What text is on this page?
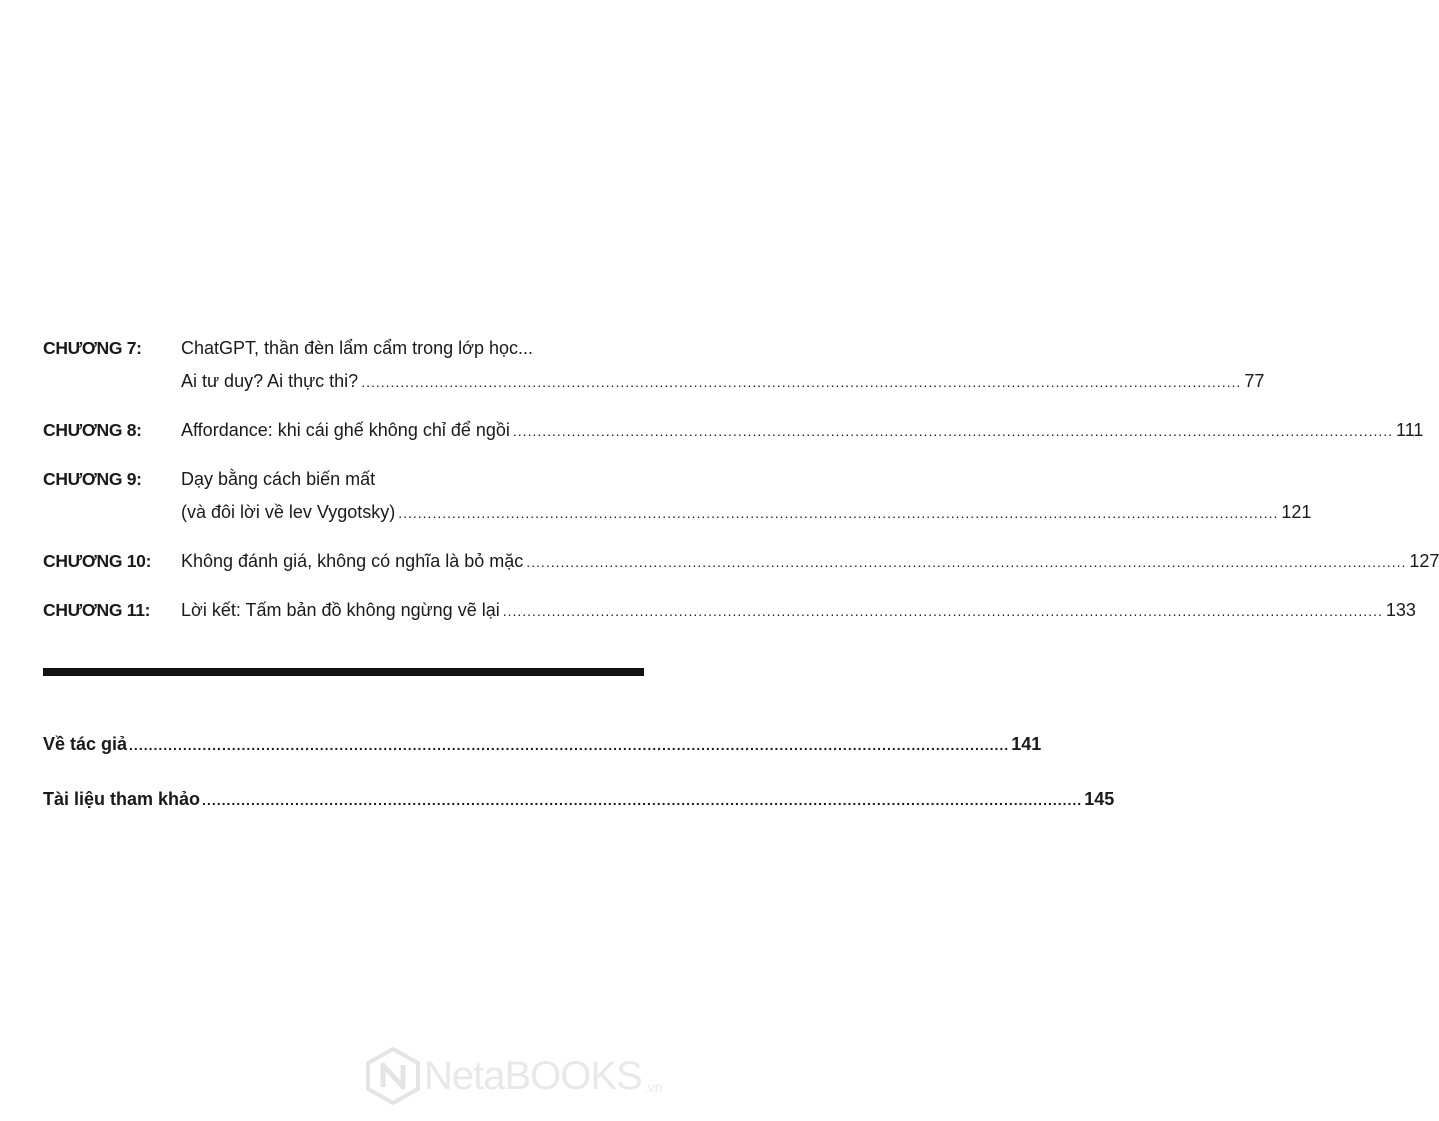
CHƯƠNG 7:	ChatGPT, thần đèn lẩm cẩm trong lớp học...
Ai tư duy? Ai thực thi? .....	77
CHƯƠNG 8:	Affordance: khi cái ghế không chỉ để ngồi .....	111
CHƯƠNG 9:	Dạy bằng cách biến mất
(và đôi lời về lev Vygotsky) .....	121
CHƯƠNG 10:	Không đánh giá, không có nghĩa là bỏ mặc .....	127
CHƯƠNG 11:	Lời kết: Tấm bản đồ không ngừng vẽ lại .....	133
Về tác giả .....	141
Tài liệu tham khảo .....	145
NetaBOOKS .vn
